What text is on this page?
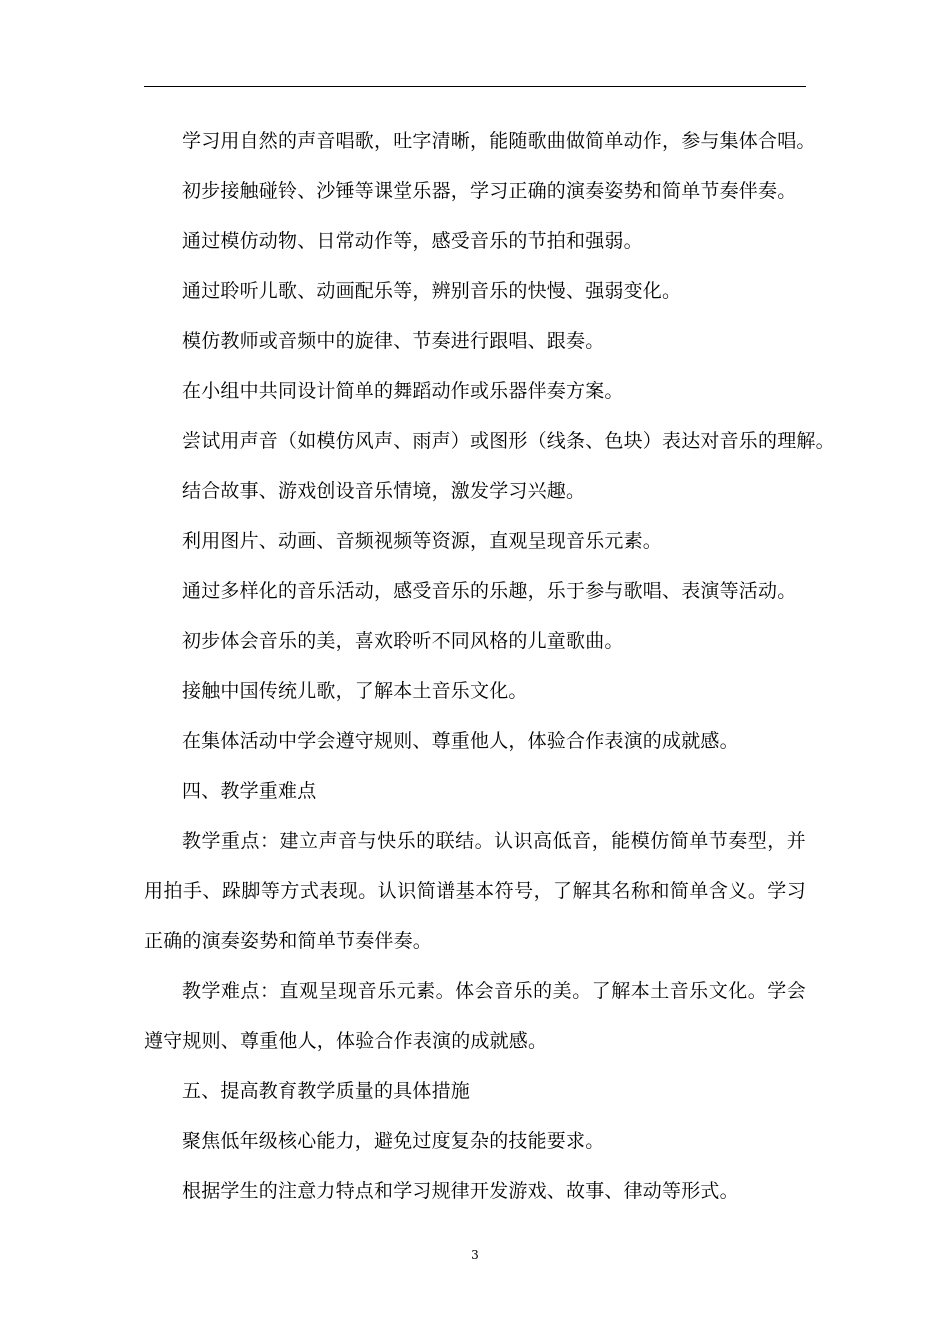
学习用自然的声音唱歌，吐字清晰，能随歌曲做简单动作，参与集体合唱。

初步接触碰铃、沙锤等课堂乐器，学习正确的演奏姿势和简单节奏伴奏。

通过模仿动物、日常动作等，感受音乐的节拍和强弱。

通过聆听儿歌、动画配乐等，辨别音乐的快慢、强弱变化。

模仿教师或音频中的旋律、节奏进行跟唱、跟奏。

在小组中共同设计简单的舞蹈动作或乐器伴奏方案。

尝试用声音（如模仿风声、雨声）或图形（线条、色块）表达对音乐的理解。

结合故事、游戏创设音乐情境，激发学习兴趣。

利用图片、动画、音频视频等资源，直观呈现音乐元素。

通过多样化的音乐活动，感受音乐的乐趣，乐于参与歌唱、表演等活动。

初步体会音乐的美，喜欢聆听不同风格的儿童歌曲。

接触中国传统儿歌，了解本土音乐文化。

在集体活动中学会遵守规则、尊重他人，体验合作表演的成就感。

四、教学重难点

教学重点：建立声音与快乐的联结。认识高低音，能模仿简单节奏型，并用拍手、跺脚等方式表现。认识简谱基本符号，了解其名称和简单含义。学习正确的演奏姿势和简单节奏伴奏。

教学难点：直观呈现音乐元素。体会音乐的美。了解本土音乐文化。学会遵守规则、尊重他人，体验合作表演的成就感。

五、提高教育教学质量的具体措施

聚焦低年级核心能力，避免过度复杂的技能要求。

根据学生的注意力特点和学习规律开发游戏、故事、律动等形式。

3
